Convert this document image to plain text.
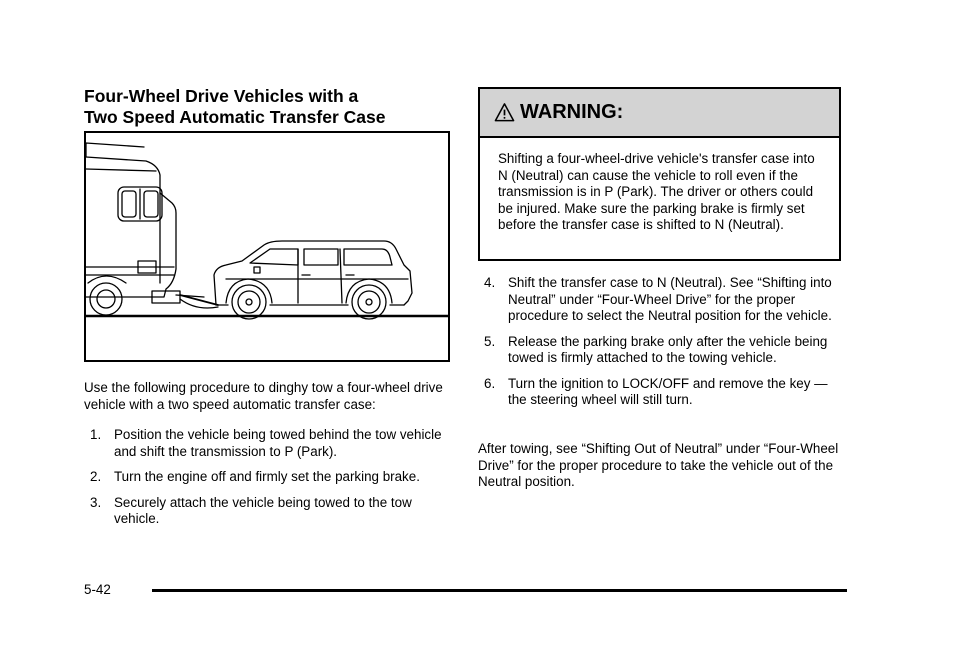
Four-Wheel Drive Vehicles with a
Two Speed Automatic Transfer Case
Use the following procedure to dinghy tow a four-wheel drive vehicle with a two speed automatic transfer case:
1. Position the vehicle being towed behind the tow vehicle and shift the transmission to P (Park).
2. Turn the engine off and firmly set the parking brake.
3. Securely attach the vehicle being towed to the tow vehicle.
WARNING:
Shifting a four-wheel-drive vehicle's transfer case into N (Neutral) can cause the vehicle to roll even if the transmission is in P (Park). The driver or others could be injured. Make sure the parking brake is firmly set before the transfer case is shifted to N (Neutral).
4. Shift the transfer case to N (Neutral). See “Shifting into Neutral” under “Four-Wheel Drive” for the proper procedure to select the Neutral position for the vehicle.
5. Release the parking brake only after the vehicle being towed is firmly attached to the towing vehicle.
6. Turn the ignition to LOCK/OFF and remove the key — the steering wheel will still turn.
After towing, see “Shifting Out of Neutral” under “Four-Wheel Drive” for the proper procedure to take the vehicle out of the Neutral position.
5-42
